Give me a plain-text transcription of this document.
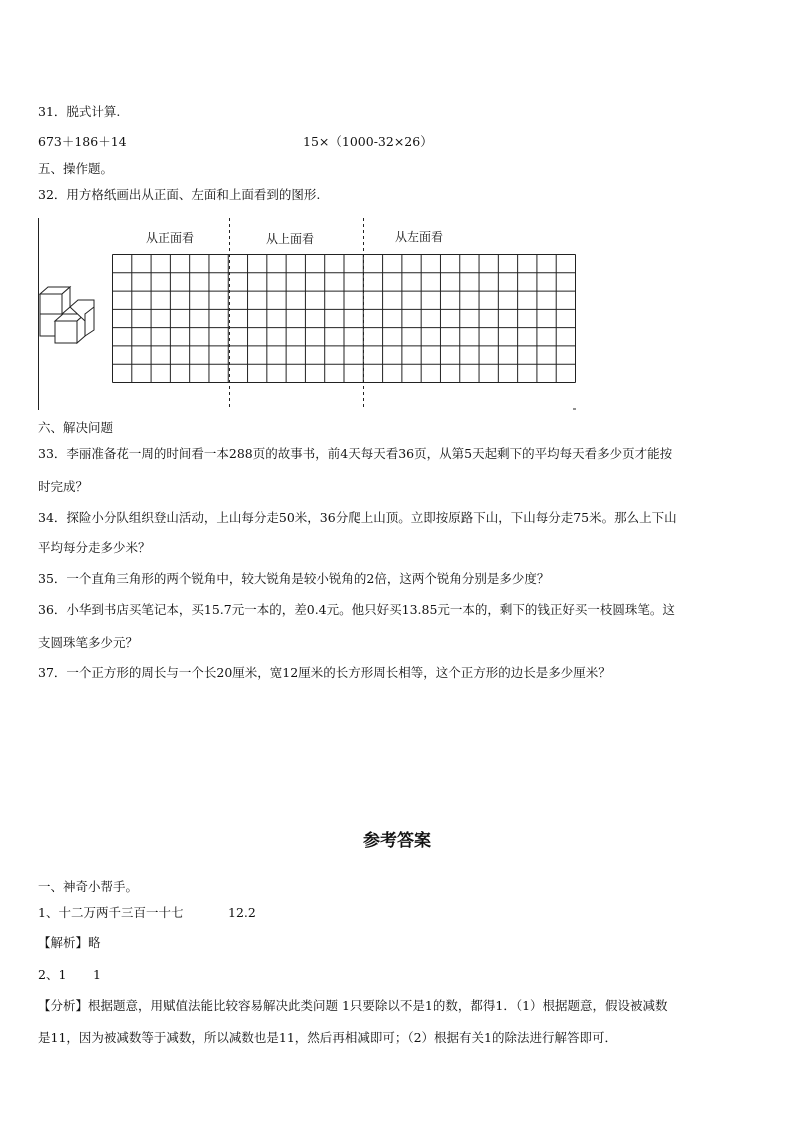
31．脱式计算.
673＋186＋14	15×（1000-32×26）
五、操作题。
32．用方格纸画出从正面、左面和上面看到的图形.
从正面看	从上面看	从左面看
六、解决问题
33．李丽准备花一周的时间看一本288页的故事书，前4天每天看36页，从第5天起剩下的平均每天看多少页才能按
时完成？
34．探险小分队组织登山活动，上山每分走50米，36分爬上山顶。立即按原路下山，下山每分走75米。那么上下山
平均每分走多少米？
35．一个直角三角形的两个锐角中，较大锐角是较小锐角的2倍，这两个锐角分别是多少度？
36．小华到书店买笔记本，买15.7元一本的，差0.4元。他只好买13.85元一本的，剩下的钱正好买一枝圆珠笔。这
支圆珠笔多少元？
37．一个正方形的周长与一个长20厘米，宽12厘米的长方形周长相等，这个正方形的边长是多少厘米？
参考答案
一、神奇小帮手。
1、十二万两千三百一十七	12.2
【解析】略
2、1 1
【分析】根据题意，用赋值法能比较容易解决此类问题 1只要除以不是1的数，都得1．（1）根据题意，假设被减数
是11，因为被减数等于减数，所以减数也是11，然后再相减即可；（2）根据有关1的除法进行解答即可．
